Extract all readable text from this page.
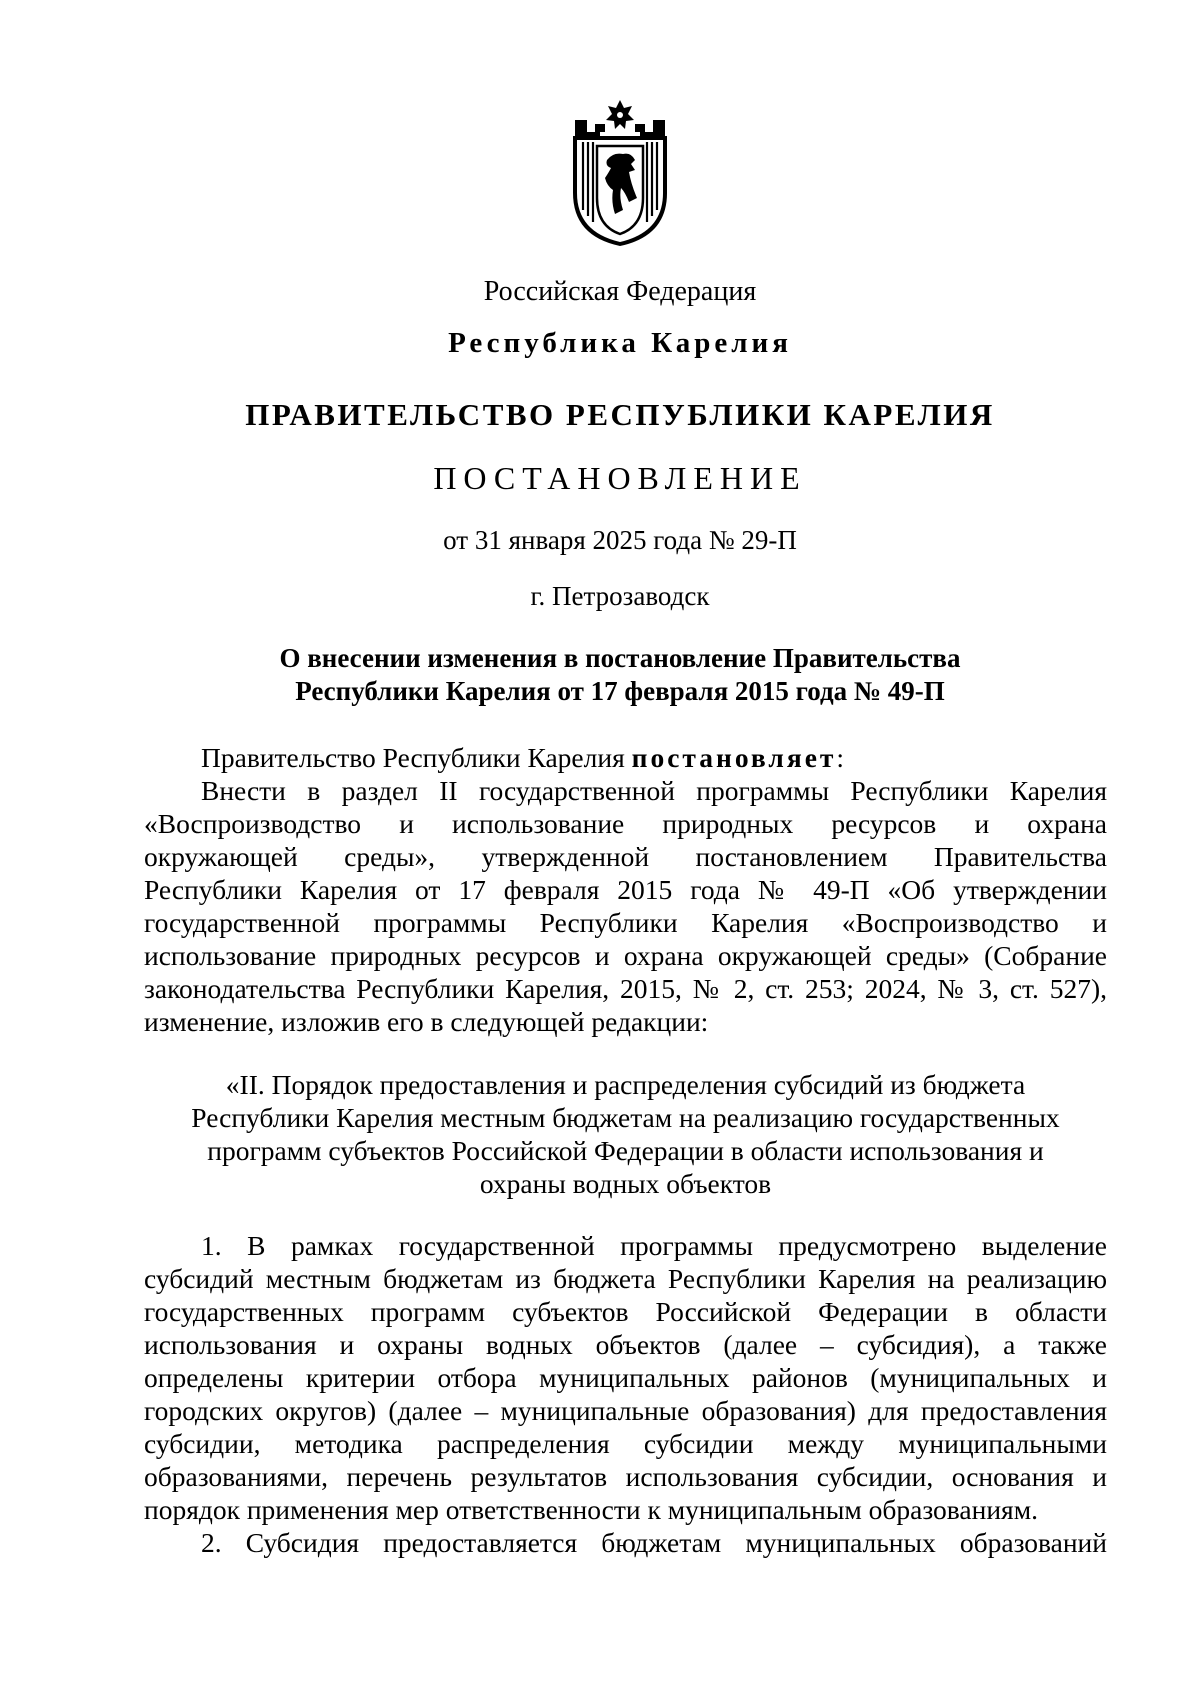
Российская Федерация
Республика Карелия
ПРАВИТЕЛЬСТВО РЕСПУБЛИКИ КАРЕЛИЯ
ПОСТАНОВЛЕНИЕ
от 31 января 2025 года № 29-П
г. Петрозаводск
О внесении изменения в постановление Правительства
Республики Карелия от 17 февраля 2015 года № 49-П
Правительство Республики Карелия постановляет:
Внести в раздел II государственной программы Республики Карелия
«Воспроизводство и использование природных ресурсов и охрана
окружающей среды», утвержденной постановлением Правительства
Республики Карелия от 17 февраля 2015 года № 49-П «Об утверждении
государственной программы Республики Карелия «Воспроизводство и
использование природных ресурсов и охрана окружающей среды» (Собрание
законодательства Республики Карелия, 2015, № 2, ст. 253; 2024, № 3, ст. 527),
изменение, изложив его в следующей редакции:
«II. Порядок предоставления и распределения субсидий из бюджета
Республики Карелия местным бюджетам на реализацию государственных
программ субъектов Российской Федерации в области использования и
охраны водных объектов
1. В рамках государственной программы предусмотрено выделение
субсидий местным бюджетам из бюджета Республики Карелия на реализацию
государственных программ субъектов Российской Федерации в области
использования и охраны водных объектов (далее – субсидия), а также
определены критерии отбора муниципальных районов (муниципальных и
городских округов) (далее – муниципальные образования) для предоставления
субсидии, методика распределения субсидии между муниципальными
образованиями, перечень результатов использования субсидии, основания и
порядок применения мер ответственности к муниципальным образованиям.
2. Субсидия предоставляется бюджетам муниципальных образований
